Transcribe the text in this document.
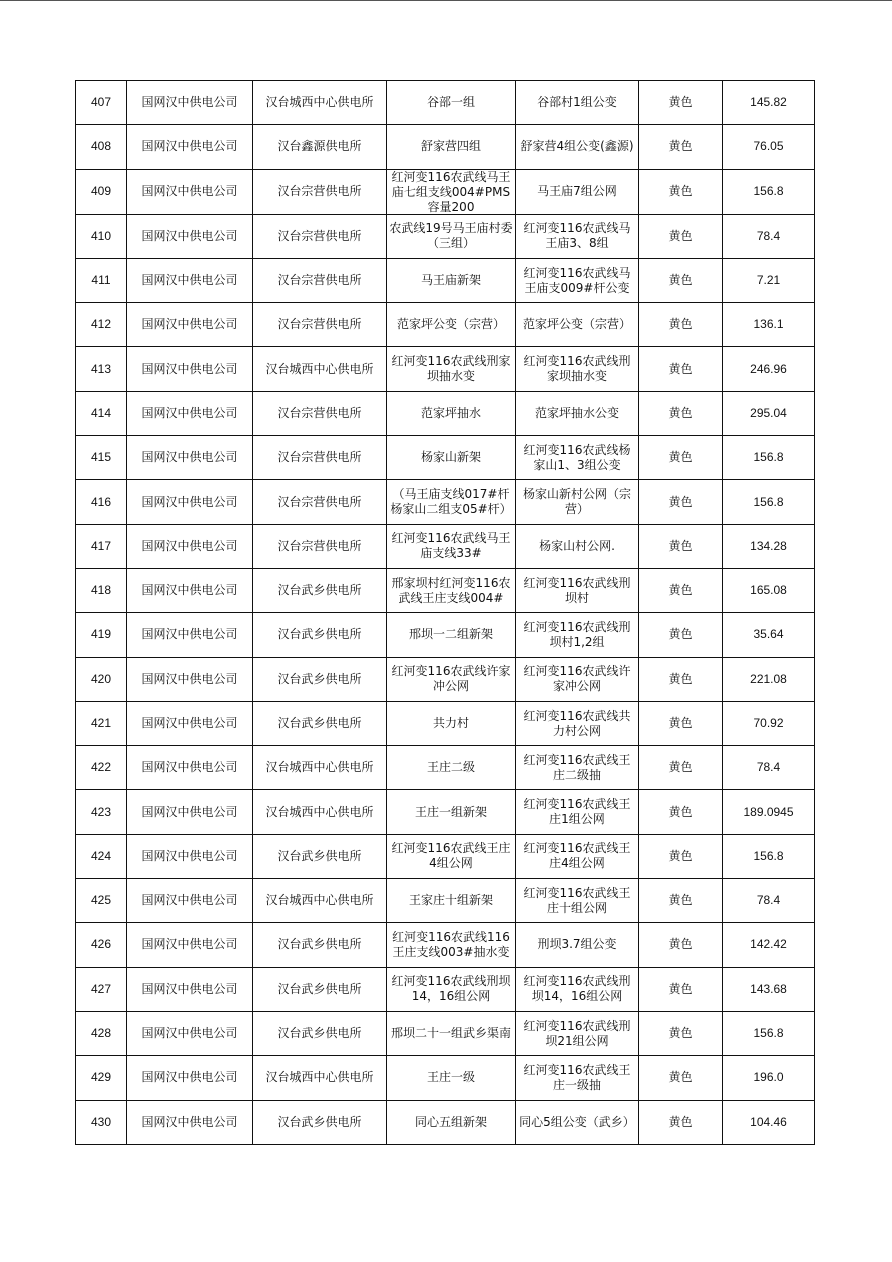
407	国网汉中供电公司	汉台城西中心供电所	谷部一组	谷部村1组公变	黄色	145.82

408	国网汉中供电公司	汉台鑫源供电所	舒家营四组	舒家营4组公变(鑫源)	黄色	76.05

409	国网汉中供电公司	汉台宗营供电所	红河变116农武线马王庙七组支线004#PMS容量200	马王庙7组公网	黄色	156.8

410	国网汉中供电公司	汉台宗营供电所	农武线19号马王庙村委（三组）	红河变116农武线马王庙3、8组	黄色	78.4

411	国网汉中供电公司	汉台宗营供电所	马王庙新架	红河变116农武线马王庙支009#杆公变	黄色	7.21

412	国网汉中供电公司	汉台宗营供电所	范家坪公变（宗营）	范家坪公变（宗营）	黄色	136.1

413	国网汉中供电公司	汉台城西中心供电所	红河变116农武线刑家坝抽水变	红河变116农武线刑家坝抽水变	黄色	246.96

414	国网汉中供电公司	汉台宗营供电所	范家坪抽水	范家坪抽水公变	黄色	295.04

415	国网汉中供电公司	汉台宗营供电所	杨家山新架	红河变116农武线杨家山1、3组公变	黄色	156.8

416	国网汉中供电公司	汉台宗营供电所	（马王庙支线017#杆杨家山二组支05#杆）	杨家山新村公网（宗营）	黄色	156.8

417	国网汉中供电公司	汉台宗营供电所	红河变116农武线马王庙支线33#	杨家山村公网.	黄色	134.28

418	国网汉中供电公司	汉台武乡供电所	邢家坝村红河变116农武线王庄支线004#	红河变116农武线刑坝村	黄色	165.08

419	国网汉中供电公司	汉台武乡供电所	邢坝一二组新架	红河变116农武线刑坝村1,2组	黄色	35.64

420	国网汉中供电公司	汉台武乡供电所	红河变116农武线许家冲公网	红河变116农武线许家冲公网	黄色	221.08

421	国网汉中供电公司	汉台武乡供电所	共力村	红河变116农武线共力村公网	黄色	70.92

422	国网汉中供电公司	汉台城西中心供电所	王庄二级	红河变116农武线王庄二级抽	黄色	78.4

423	国网汉中供电公司	汉台城西中心供电所	王庄一组新架	红河变116农武线王庄1组公网	黄色	189.0945

424	国网汉中供电公司	汉台武乡供电所	红河变116农武线王庄4组公网	红河变116农武线王庄4组公网	黄色	156.8

425	国网汉中供电公司	汉台城西中心供电所	王家庄十组新架	红河变116农武线王庄十组公网	黄色	78.4

426	国网汉中供电公司	汉台武乡供电所	红河变116农武线116王庄支线003#抽水变	刑坝3.7组公变	黄色	142.42

427	国网汉中供电公司	汉台武乡供电所	红河变116农武线刑坝14，16组公网	红河变116农武线刑坝14，16组公网	黄色	143.68

428	国网汉中供电公司	汉台武乡供电所	邢坝二十一组武乡渠南	红河变116农武线刑坝21组公网	黄色	156.8

429	国网汉中供电公司	汉台城西中心供电所	王庄一级	红河变116农武线王庄一级抽	黄色	196.0

430	国网汉中供电公司	汉台武乡供电所	同心五组新架	同心5组公变（武乡）	黄色	104.46
